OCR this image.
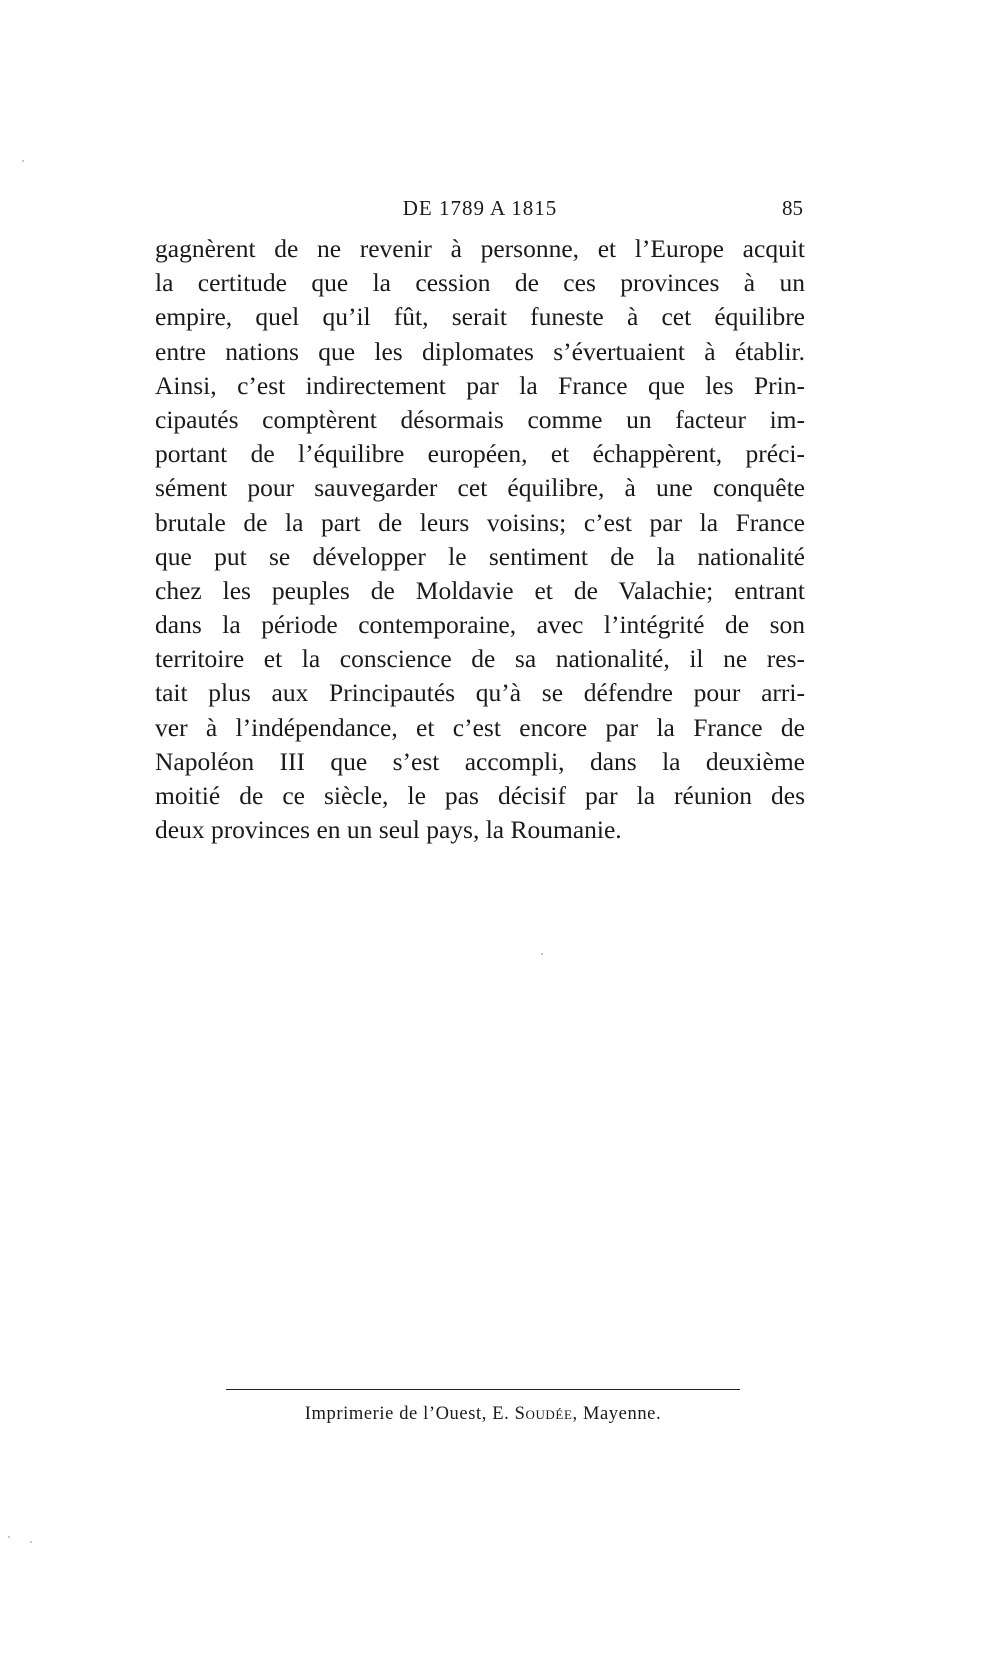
DE 1789 A 1815	85
gagnèrent de ne revenir à personne, et l’Europe acquit
la certitude que la cession de ces provinces à un
empire, quel qu’il fût, serait funeste à cet équilibre
entre nations que les diplomates s’évertuaient à établir.
Ainsi, c’est indirectement par la France que les Prin-
cipautés comptèrent désormais comme un facteur im-
portant de l’équilibre européen, et échappèrent, préci-
sément pour sauvegarder cet équilibre, à une conquête
brutale de la part de leurs voisins; c’est par la France
que put se développer le sentiment de la nationalité
chez les peuples de Moldavie et de Valachie; entrant
dans la période contemporaine, avec l’intégrité de son
territoire et la conscience de sa nationalité, il ne res-
tait plus aux Principautés qu’à se défendre pour arri-
ver à l’indépendance, et c’est encore par la France de
Napoléon III que s’est accompli, dans la deuxième
moitié de ce siècle, le pas décisif par la réunion des
deux provinces en un seul pays, la Roumanie.
Imprimerie de l’Ouest, E. Soudée, Mayenne.
